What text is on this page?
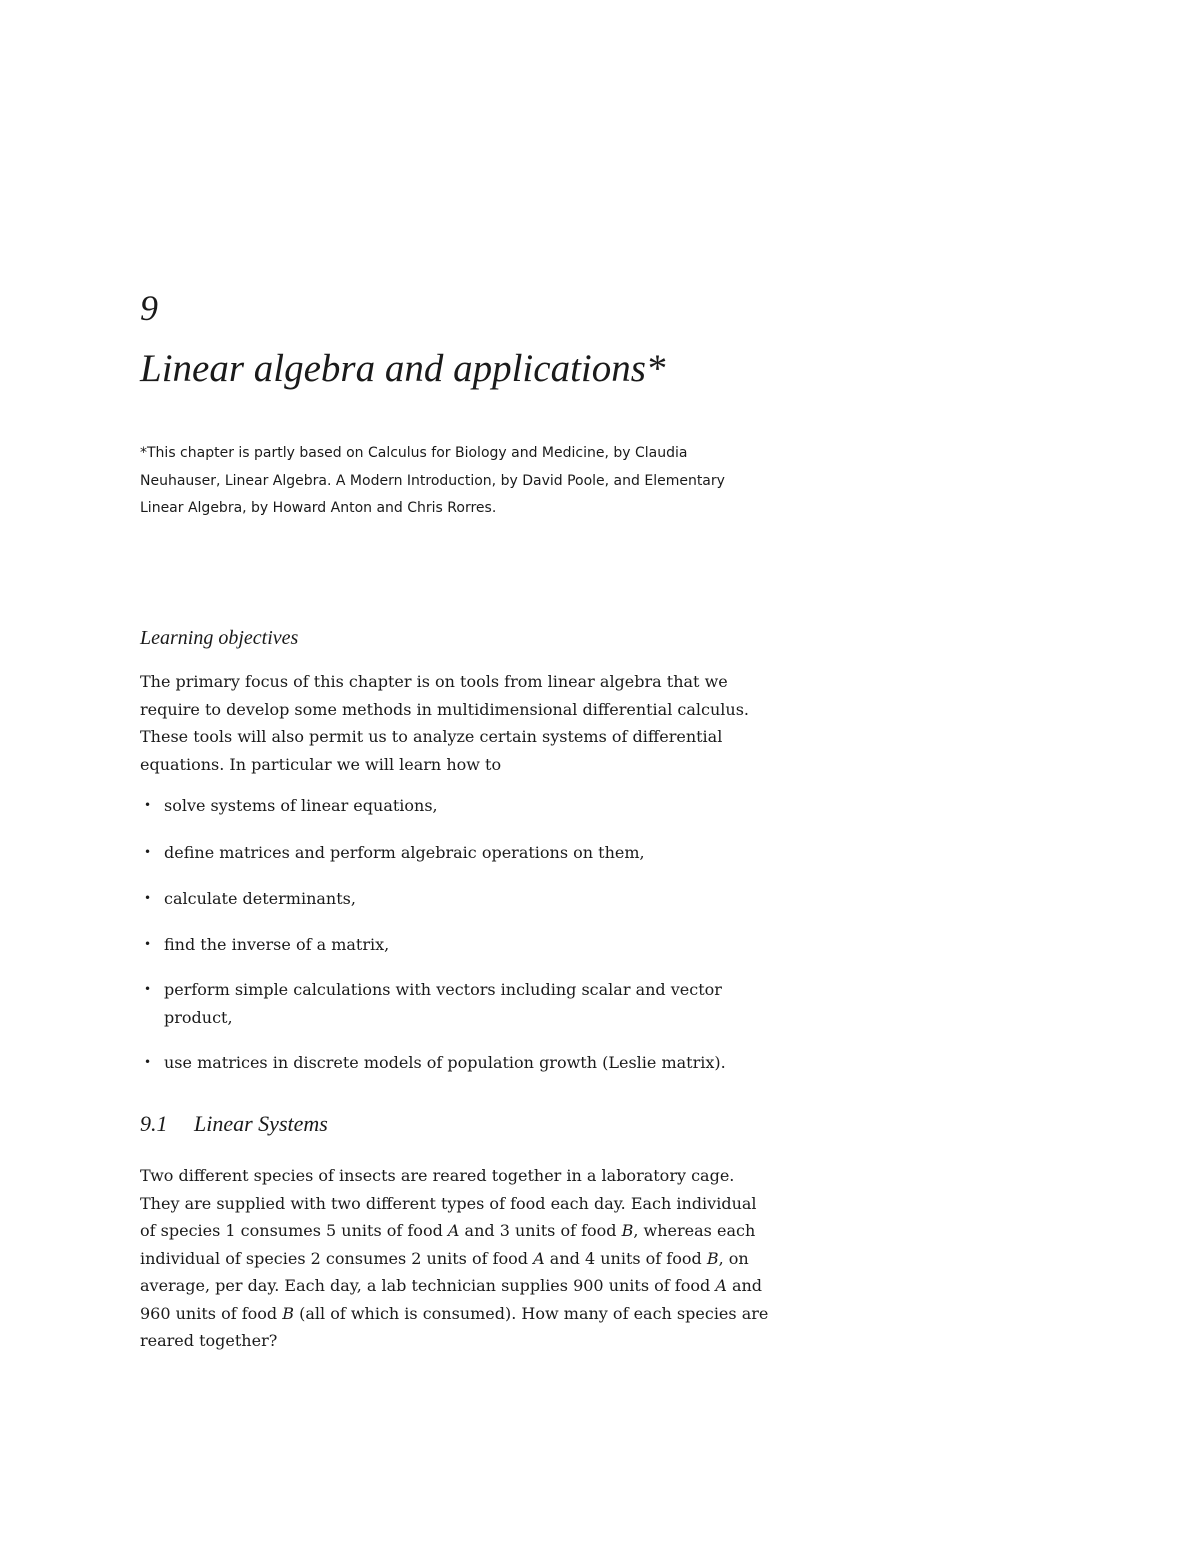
9
Linear algebra and applications*

*This chapter is partly based on Calculus for Biology and Medicine, by Claudia Neuhauser, Linear Algebra. A Modern Introduction, by David Poole, and Elementary Linear Algebra, by Howard Anton and Chris Rorres.

Learning objectives

The primary focus of this chapter is on tools from linear algebra that we require to develop some methods in multidimensional differential calculus. These tools will also permit us to analyze certain systems of differential equations. In particular we will learn how to

• solve systems of linear equations,
• define matrices and perform algebraic operations on them,
• calculate determinants,
• find the inverse of a matrix,
• perform simple calculations with vectors including scalar and vector product,
• use matrices in discrete models of population growth (Leslie matrix).
9.1 Linear Systems

Two different species of insects are reared together in a laboratory cage. They are supplied with two different types of food each day. Each individual of species 1 consumes 5 units of food A and 3 units of food B, whereas each individual of species 2 consumes 2 units of food A and 4 units of food B, on average, per day. Each day, a lab technician supplies 900 units of food A and 960 units of food B (all of which is consumed). How many of each species are reared together?
